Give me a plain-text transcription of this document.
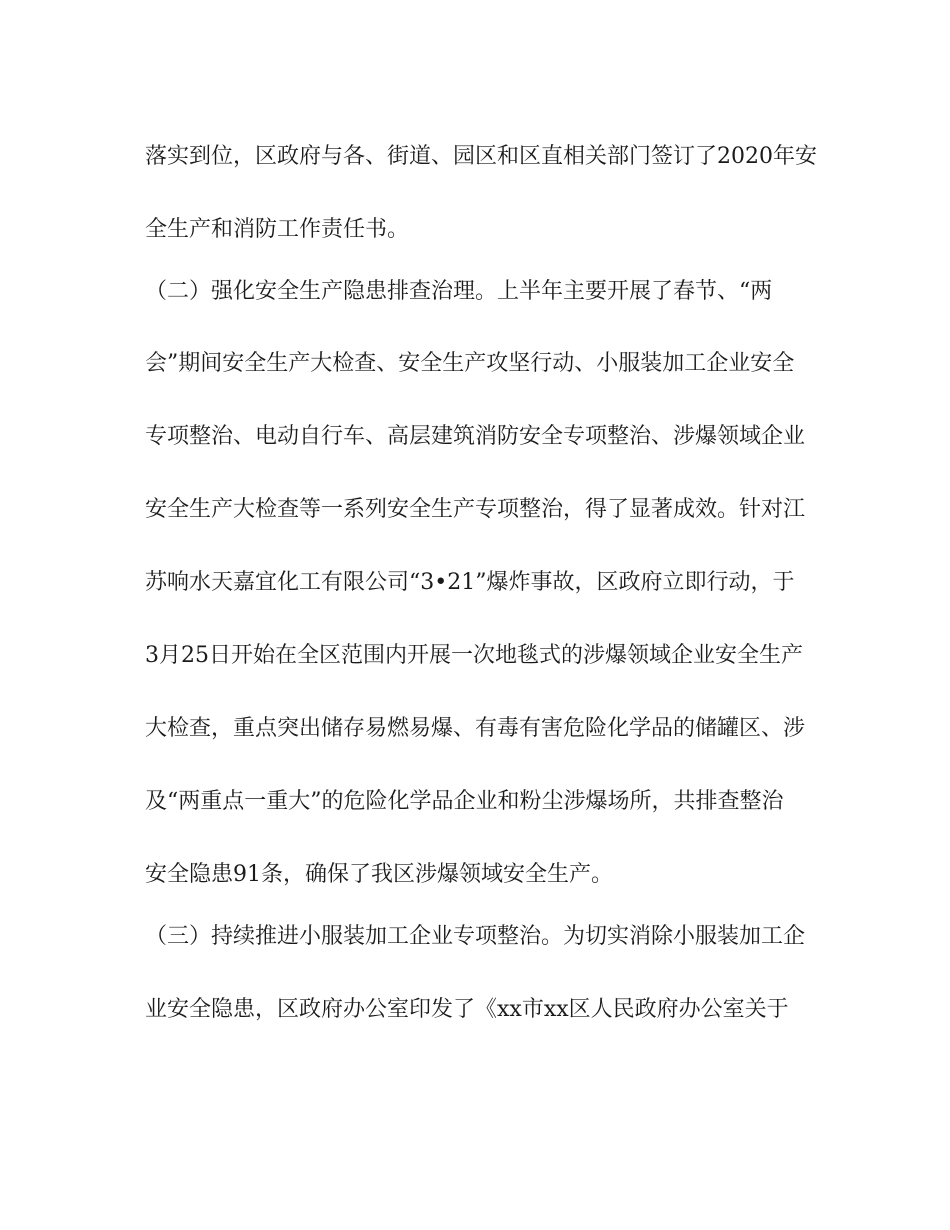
落实到位，区政府与各、街道、园区和区直相关部门签订了2020年安
全生产和消防工作责任书。
（二）强化安全生产隐患排查治理。上半年主要开展了春节、“两
会”期间安全生产大检查、安全生产攻坚行动、小服装加工企业安全
专项整治、电动自行车、高层建筑消防安全专项整治、涉爆领域企业
安全生产大检查等一系列安全生产专项整治，得了显著成效。针对江
苏响水天嘉宜化工有限公司“3•21”爆炸事故，区政府立即行动，于
3月25日开始在全区范围内开展一次地毯式的涉爆领域企业安全生产
大检查，重点突出储存易燃易爆、有毒有害危险化学品的储罐区、涉
及“两重点一重大”的危险化学品企业和粉尘涉爆场所，共排查整治
安全隐患91条，确保了我区涉爆领域安全生产。
（三）持续推进小服装加工企业专项整治。为切实消除小服装加工企
业安全隐患，区政府办公室印发了《xx市xx区人民政府办公室关于
